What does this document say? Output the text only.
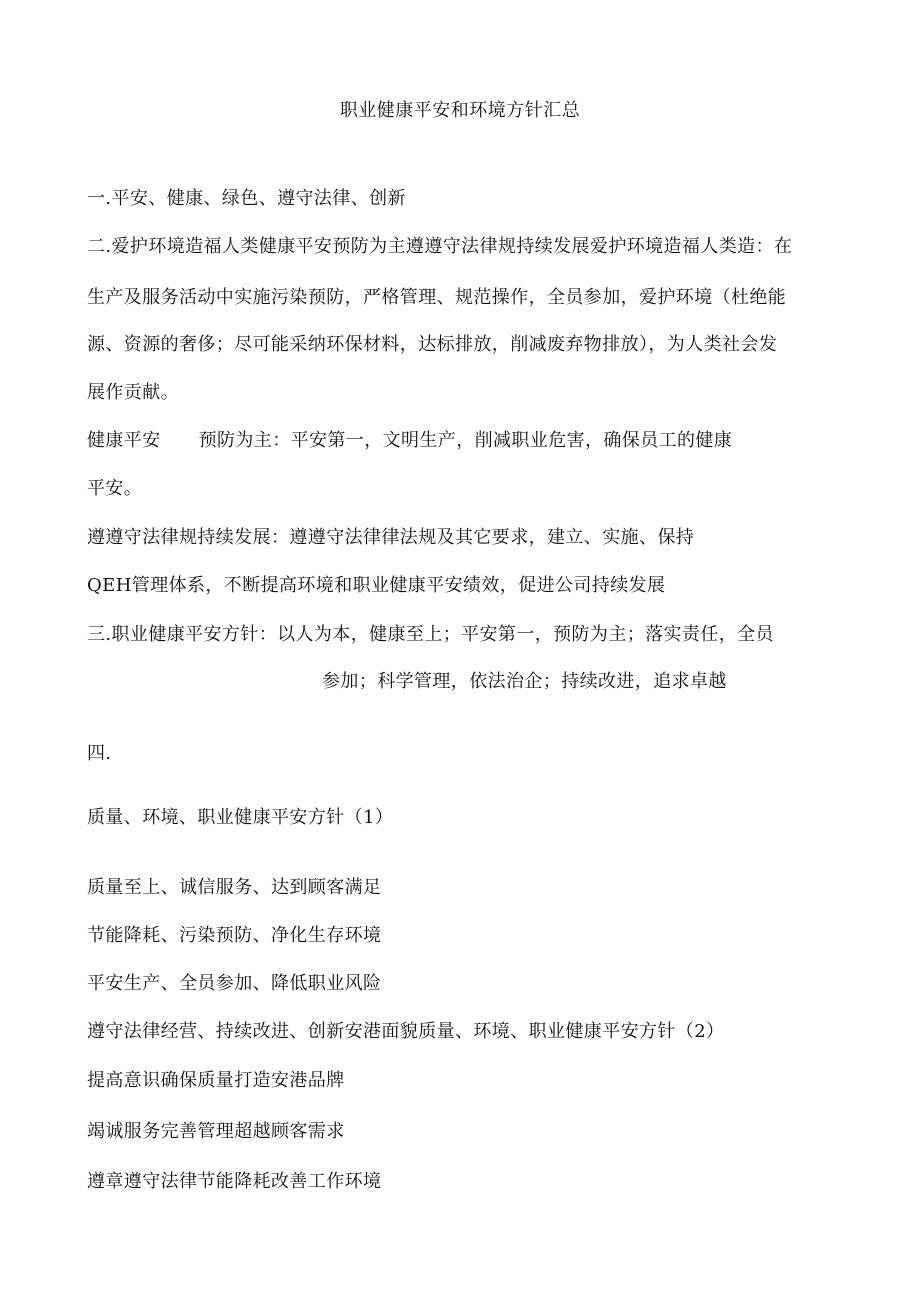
职业健康平安和环境方针汇总
一.平安、健康、绿色、遵守法律、创新
二.爱护环境造福人类健康平安预防为主遵遵守法律规持续发展爱护环境造福人类造：在
生产及服务活动中实施污染预防，严格管理、规范操作，全员参加，爱护环境（杜绝能
源、资源的奢侈；尽可能采纳环保材料，达标排放，削减废弃物排放），为人类社会发
展作贡献。
健康平安 预防为主：平安第一，文明生产，削减职业危害，确保员工的健康
平安。
遵遵守法律规持续发展：遵遵守法律律法规及其它要求，建立、实施、保持
QEH管理体系，不断提高环境和职业健康平安绩效，促进公司持续发展
三.职业健康平安方针：以人为本，健康至上；平安第一，预防为主；落实责任，全员
参加；科学管理，依法治企；持续改进，追求卓越
四.
质量、环境、职业健康平安方针（1）
质量至上、诚信服务、达到顾客满足
节能降耗、污染预防、净化生存环境
平安生产、全员参加、降低职业风险
遵守法律经营、持续改进、创新安港面貌质量、环境、职业健康平安方针（2）
提高意识确保质量打造安港品牌
竭诚服务完善管理超越顾客需求
遵章遵守法律节能降耗改善工作环境
